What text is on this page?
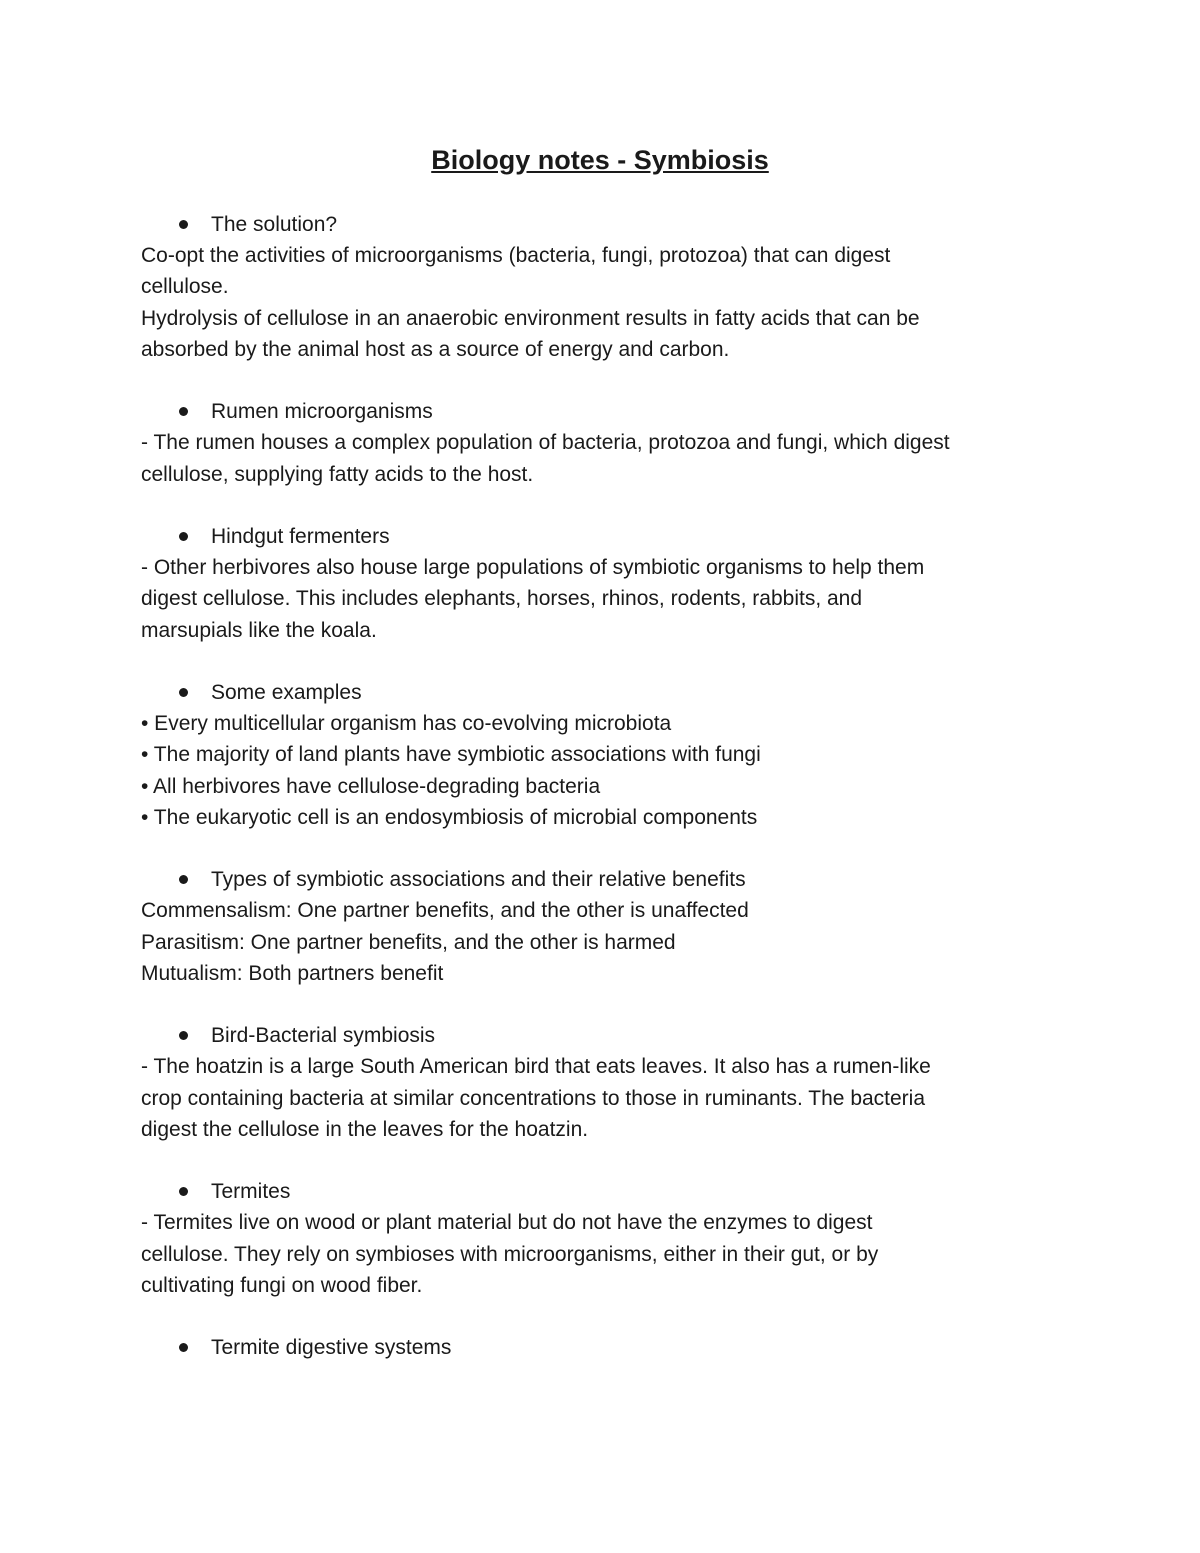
Biology notes - Symbiosis

The solution?

Co-opt the activities of microorganisms (bacteria, fungi, protozoa) that can digest

cellulose.

Hydrolysis of cellulose in an anaerobic environment results in fatty acids that can be

absorbed by the animal host as a source of energy and carbon.

Rumen microorganisms

- The rumen houses a complex population of bacteria, protozoa and fungi, which digest

cellulose, supplying fatty acids to the host.

Hindgut fermenters

- Other herbivores also house large populations of symbiotic organisms to help them

digest cellulose. This includes elephants, horses, rhinos, rodents, rabbits, and

marsupials like the koala.

Some examples

• Every multicellular organism has co-evolving microbiota

• The majority of land plants have symbiotic associations with fungi

• All herbivores have cellulose-degrading bacteria

• The eukaryotic cell is an endosymbiosis of microbial components

Types of symbiotic associations and their relative benefits

Commensalism: One partner benefits, and the other is unaffected

Parasitism: One partner benefits, and the other is harmed

Mutualism: Both partners benefit

Bird-Bacterial symbiosis

- The hoatzin is a large South American bird that eats leaves. It also has a rumen-like

crop containing bacteria at similar concentrations to those in ruminants. The bacteria

digest the cellulose in the leaves for the hoatzin.

Termites

- Termites live on wood or plant material but do not have the enzymes to digest

cellulose. They rely on symbioses with microorganisms, either in their gut, or by

cultivating fungi on wood fiber.

Termite digestive systems
